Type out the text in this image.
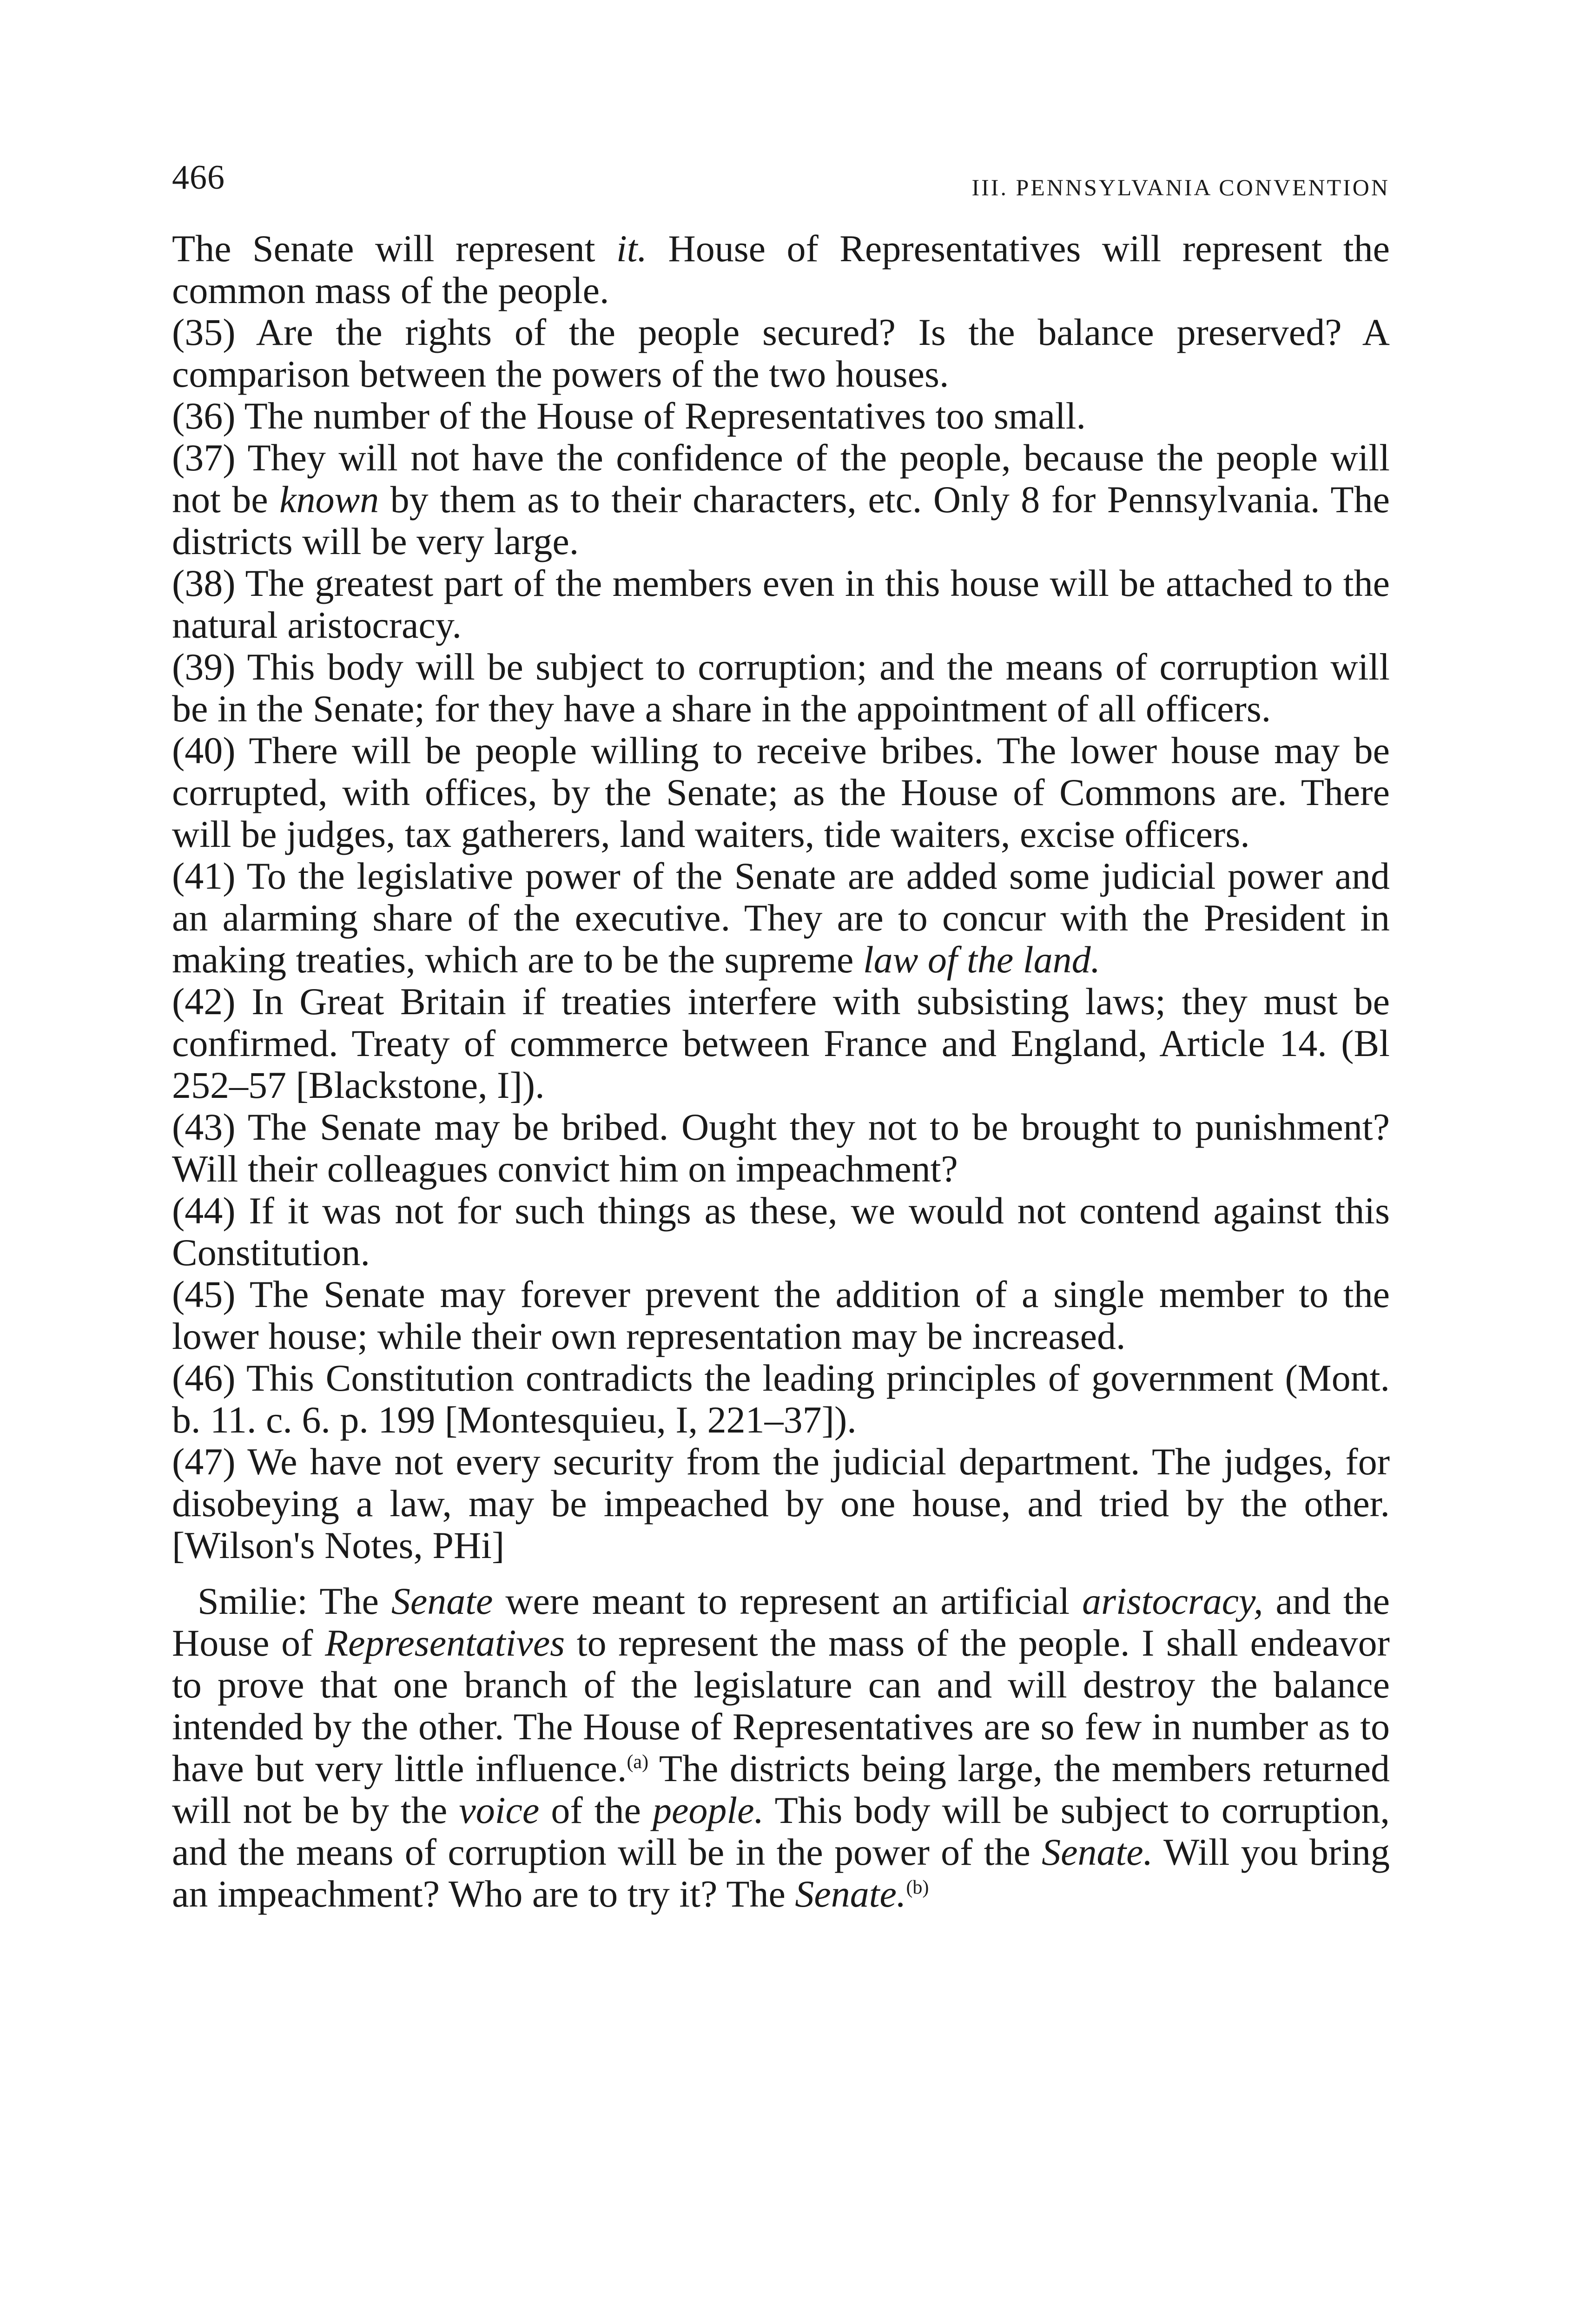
466	III. PENNSYLVANIA CONVENTION

The Senate will represent it. House of Representatives will represent the common mass of the people.

(35) Are the rights of the people secured? Is the balance preserved? A comparison between the powers of the two houses.

(36) The number of the House of Representatives too small.

(37) They will not have the confidence of the people, because the people will not be known by them as to their characters, etc. Only 8 for Pennsylvania. The districts will be very large.

(38) The greatest part of the members even in this house will be attached to the natural aristocracy.

(39) This body will be subject to corruption; and the means of corruption will be in the Senate; for they have a share in the appointment of all officers.

(40) There will be people willing to receive bribes. The lower house may be corrupted, with offices, by the Senate; as the House of Commons are. There will be judges, tax gatherers, land waiters, tide waiters, excise officers.

(41) To the legislative power of the Senate are added some judicial power and an alarming share of the executive. They are to concur with the President in making treaties, which are to be the supreme law of the land.

(42) In Great Britain if treaties interfere with subsisting laws; they must be confirmed. Treaty of commerce between France and England, Article 14. (Bl 252–57 [Blackstone, I]).

(43) The Senate may be bribed. Ought they not to be brought to punishment? Will their colleagues convict him on impeachment?

(44) If it was not for such things as these, we would not contend against this Constitution.

(45) The Senate may forever prevent the addition of a single member to the lower house; while their own representation may be increased.

(46) This Constitution contradicts the leading principles of government (Mont. b. 11. c. 6. p. 199 [Montesquieu, I, 221–37]).

(47) We have not every security from the judicial department. The judges, for disobeying a law, may be impeached by one house, and tried by the other. [Wilson's Notes, PHi]

Smilie: The Senate were meant to represent an artificial aristocracy, and the House of Representatives to represent the mass of the people. I shall endeavor to prove that one branch of the legislature can and will destroy the balance intended by the other. The House of Representatives are so few in number as to have but very little influence.$^{(a)}$ The districts being large, the members returned will not be by the voice of the people. This body will be subject to corruption, and the means of corruption will be in the power of the Senate. Will you bring an impeachment? Who are to try it? The Senate.$^{(b)}$
